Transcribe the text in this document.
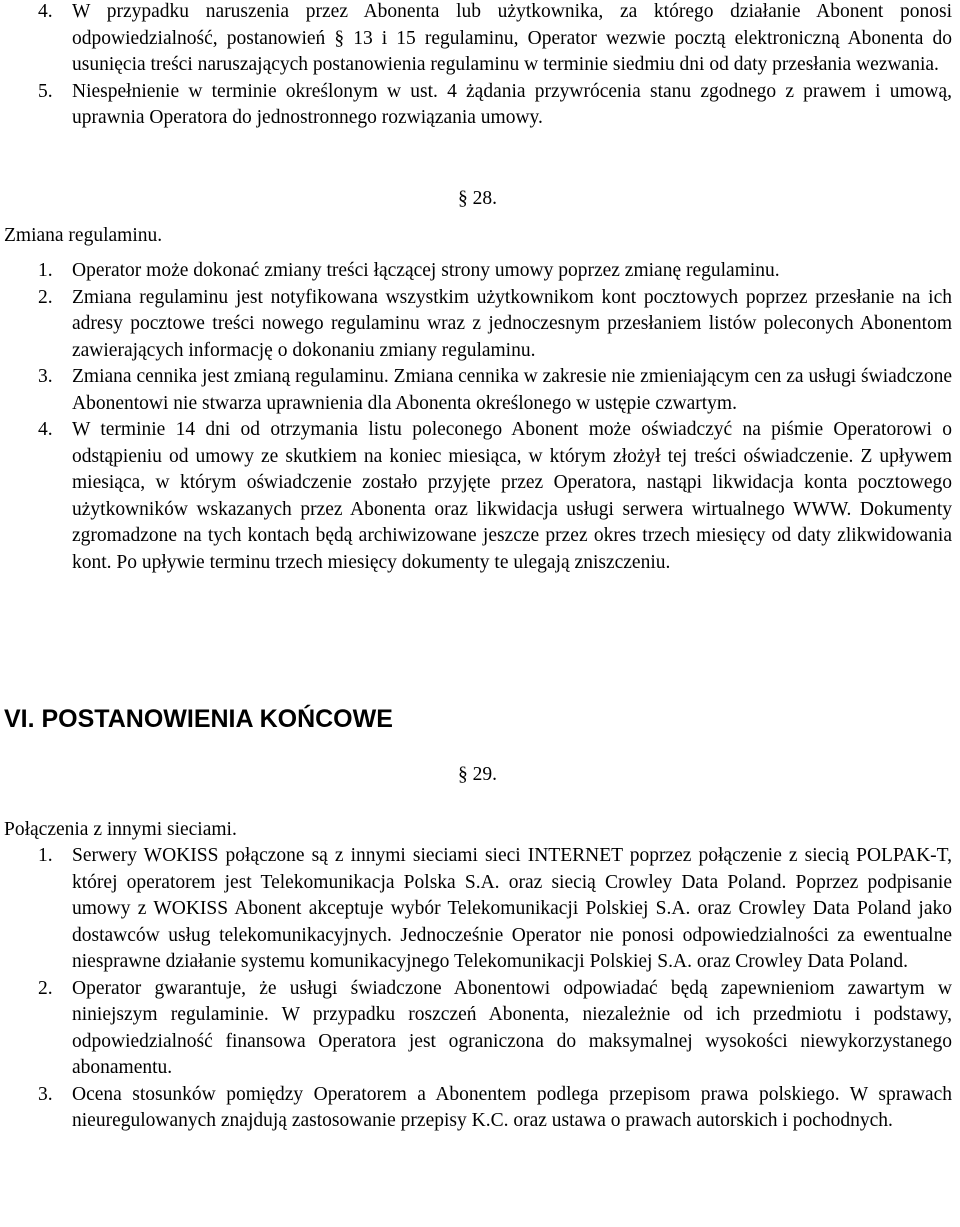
4. W przypadku naruszenia przez Abonenta lub użytkownika, za którego działanie Abonent ponosi odpowiedzialność, postanowień § 13 i 15 regulaminu, Operator wezwie pocztą elektroniczną Abonenta do usunięcia treści naruszających postanowienia regulaminu w terminie siedmiu dni od daty przesłania wezwania.
5. Niespełnienie w terminie określonym w ust. 4 żądania przywrócenia stanu zgodnego z prawem i umową, uprawnia Operatora do jednostronnego rozwiązania umowy.
§ 28.
Zmiana regulaminu.
1. Operator może dokonać zmiany treści łączącej strony umowy poprzez zmianę regulaminu.
2. Zmiana regulaminu jest notyfikowana wszystkim użytkownikom kont pocztowych poprzez przesłanie na ich adresy pocztowe treści nowego regulaminu wraz z jednoczesnym przesłaniem listów poleconych Abonentom zawierających informację o dokonaniu zmiany regulaminu.
3. Zmiana cennika jest zmianą regulaminu. Zmiana cennika w zakresie nie zmieniającym cen za usługi świadczone Abonentowi nie stwarza uprawnienia dla Abonenta określonego w ustępie czwartym.
4. W terminie 14 dni od otrzymania listu poleconego Abonent może oświadczyć na piśmie Operatorowi o odstąpieniu od umowy ze skutkiem na koniec miesiąca, w którym złożył tej treści oświadczenie. Z upływem miesiąca, w którym oświadczenie zostało przyjęte przez Operatora, nastąpi likwidacja konta pocztowego użytkowników wskazanych przez Abonenta oraz likwidacja usługi serwera wirtualnego WWW. Dokumenty zgromadzone na tych kontach będą archiwizowane jeszcze przez okres trzech miesięcy od daty zlikwidowania kont. Po upływie terminu trzech miesięcy dokumenty te ulegają zniszczeniu.
VI. POSTANOWIENIA KOŃCOWE
§ 29.
Połączenia z innymi sieciami.
1. Serwery WOKISS połączone są z innymi sieciami sieci INTERNET poprzez połączenie z siecią POLPAK-T, której operatorem jest Telekomunikacja Polska S.A. oraz siecią Crowley Data Poland. Poprzez podpisanie umowy z WOKISS Abonent akceptuje wybór Telekomunikacji Polskiej S.A. oraz Crowley Data Poland jako dostawców usług telekomunikacyjnych. Jednocześnie Operator nie ponosi odpowiedzialności za ewentualne niesprawne działanie systemu komunikacyjnego Telekomunikacji Polskiej S.A. oraz Crowley Data Poland.
2. Operator gwarantuje, że usługi świadczone Abonentowi odpowiadać będą zapewnieniom zawartym w niniejszym regulaminie. W przypadku roszczeń Abonenta, niezależnie od ich przedmiotu i podstawy, odpowiedzialność finansowa Operatora jest ograniczona do maksymalnej wysokości niewykorzystanego abonamentu.
3. Ocena stosunków pomiędzy Operatorem a Abonentem podlega przepisom prawa polskiego. W sprawach nieuregulowanych znajdują zastosowanie przepisy K.C. oraz ustawa o prawach autorskich i pochodnych.
